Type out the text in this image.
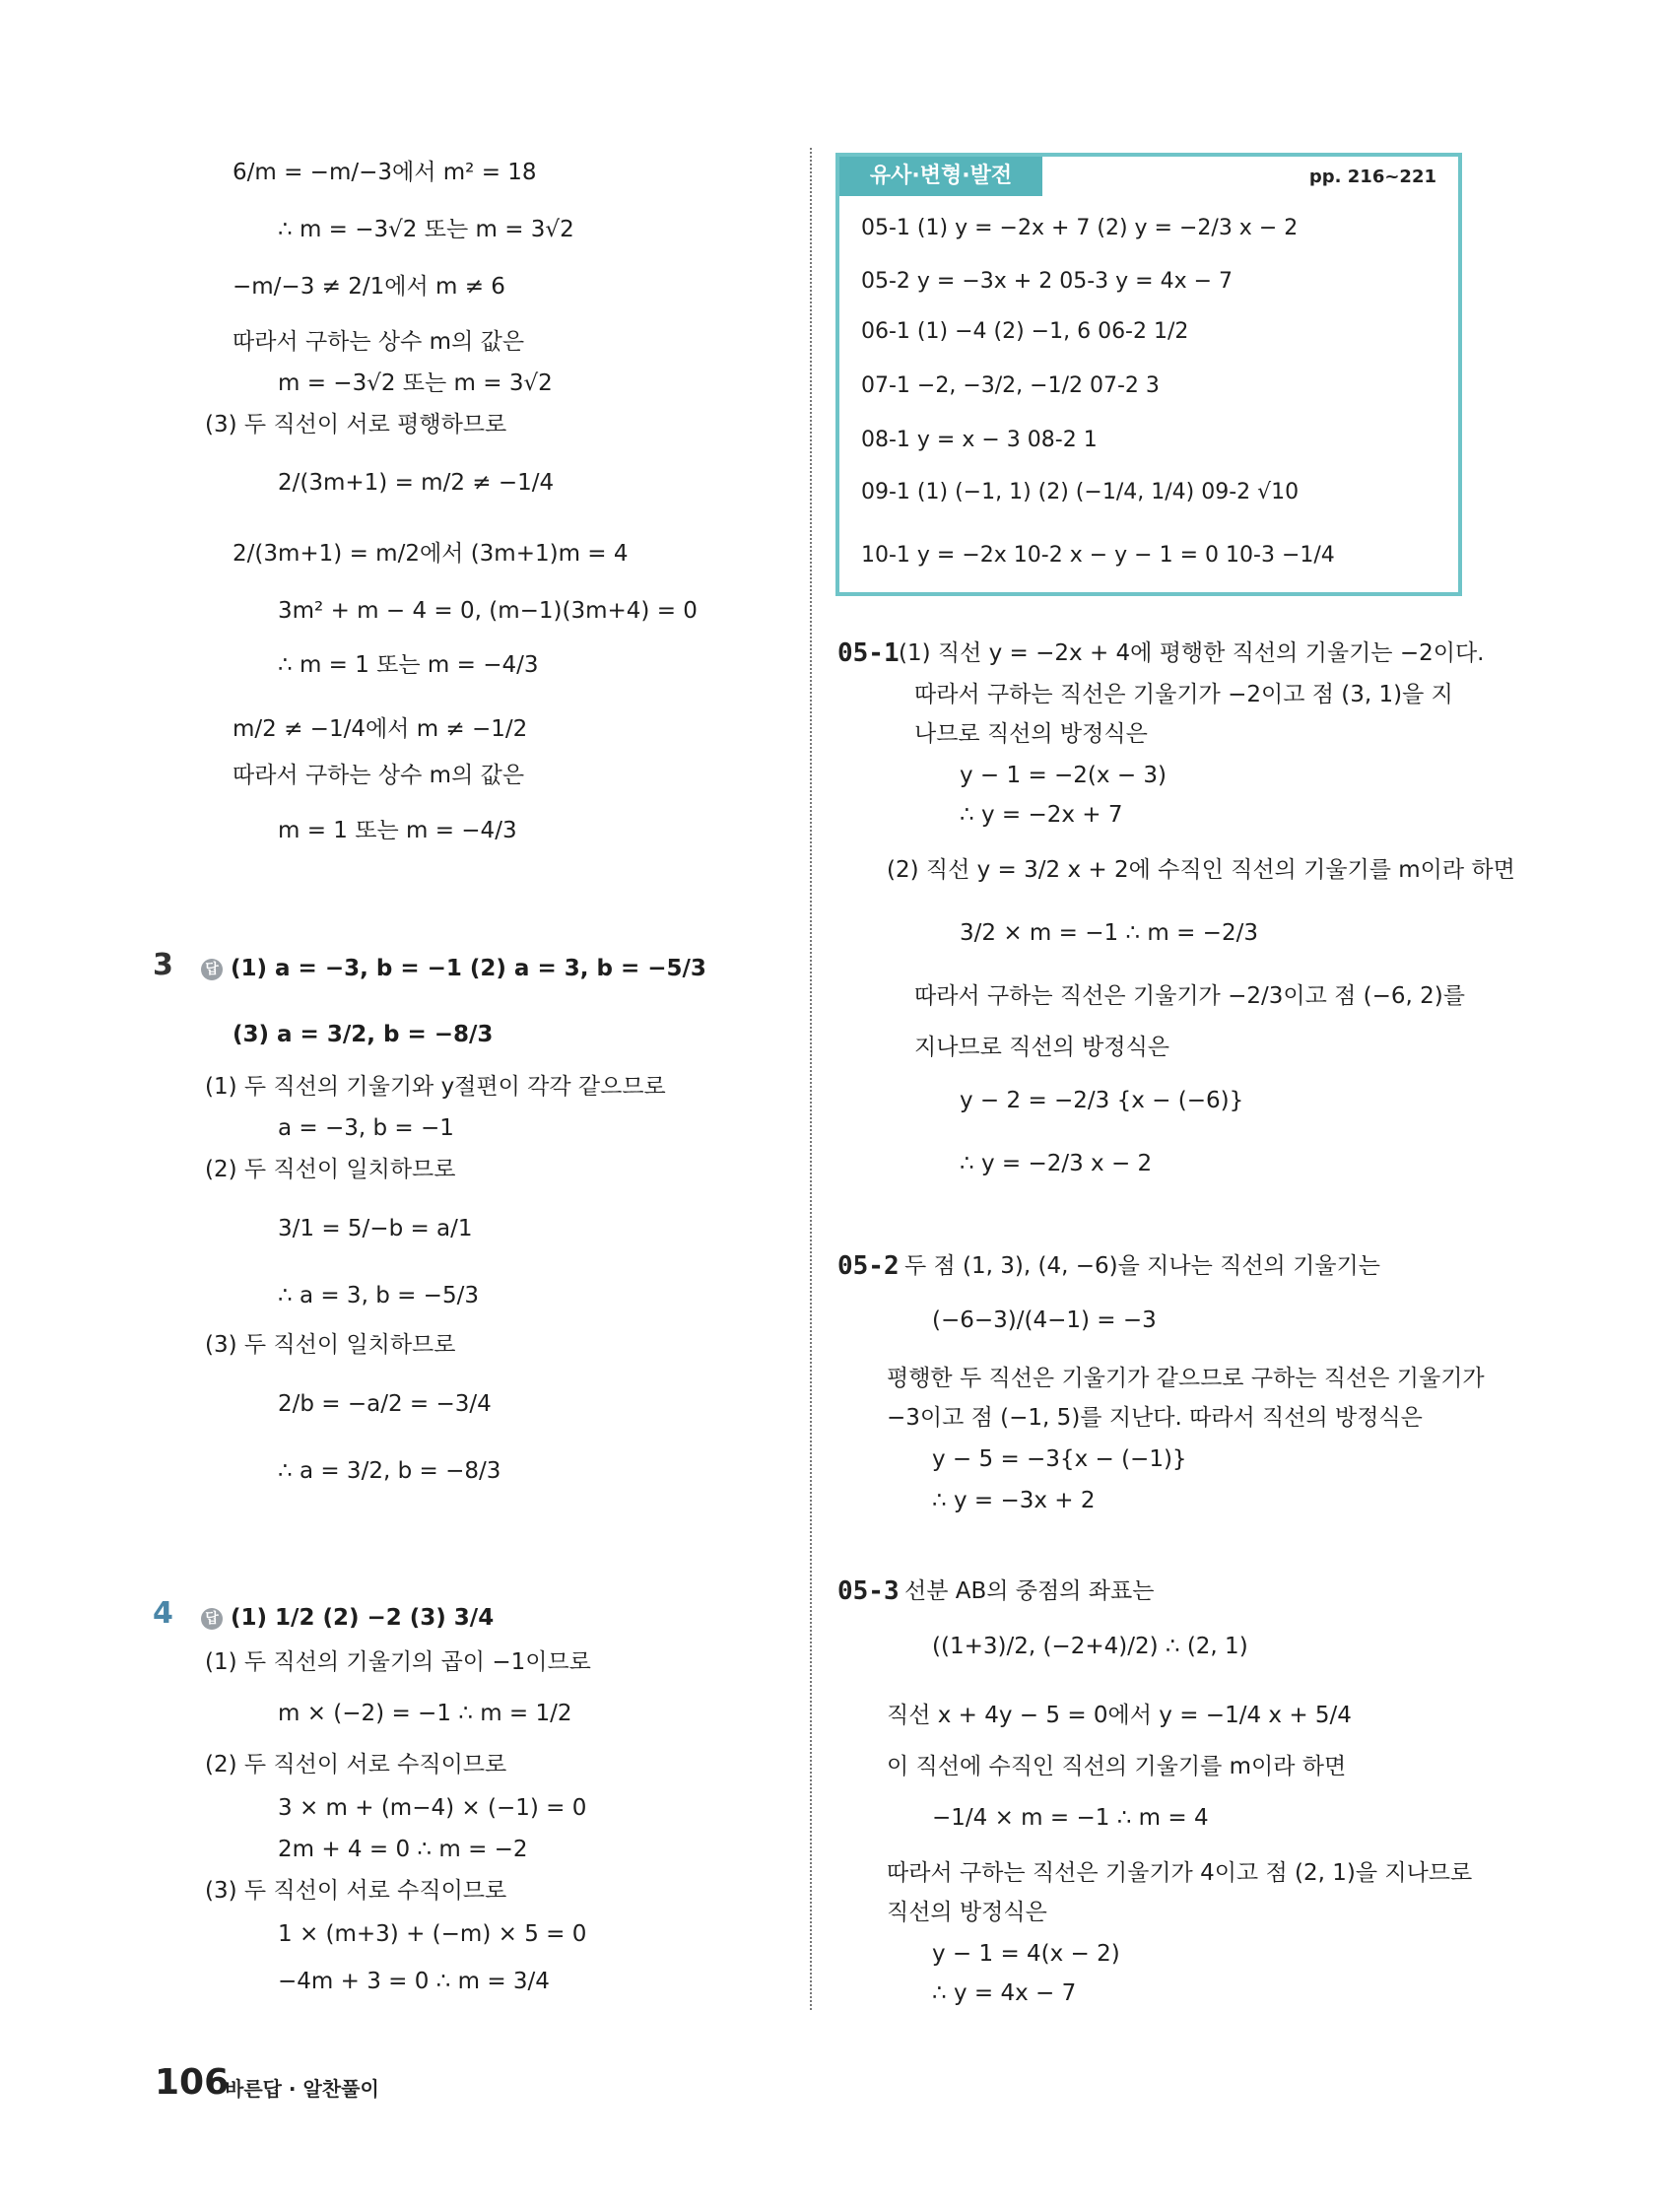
6/m = −m/−3에서 m² = 18
∴ m = −3√2 또는 m = 3√2
−m/−3 ≠ 2/1에서 m ≠ 6
따라서 구하는 상수 m의 값은
m = −3√2 또는 m = 3√2
(3) 두 직선이 서로 평행하므로
2/(3m+1) = m/2 ≠ −1/4
2/(3m+1) = m/2에서 (3m+1)m = 4
3m² + m − 4 = 0, (m−1)(3m+4) = 0
∴ m = 1 또는 m = −4/3
m/2 ≠ −1/4에서 m ≠ −1/2
따라서 구하는 상수 m의 값은
m = 1 또는 m = −4/3
3	답 (1) a = −3, b = −1 (2) a = 3, b = −5/3
(3) a = 3/2, b = −8/3
(1) 두 직선의 기울기와 y절편이 각각 같으므로
a = −3, b = −1
(2) 두 직선이 일치하므로
3/1 = 5/−b = a/1
∴ a = 3, b = −5/3
(3) 두 직선이 일치하므로
2/b = −a/2 = −3/4
∴ a = 3/2, b = −8/3
4	답 (1) 1/2 (2) −2 (3) 3/4
(1) 두 직선의 기울기의 곱이 −1이므로
m × (−2) = −1 ∴ m = 1/2
(2) 두 직선이 서로 수직이므로
3 × m + (m−4) × (−1) = 0
2m + 4 = 0 ∴ m = −2
(3) 두 직선이 서로 수직이므로
1 × (m+3) + (−m) × 5 = 0
−4m + 3 = 0 ∴ m = 3/4
유사·변형·발전	pp. 216~221
05-1 (1) y = −2x + 7 (2) y = −2/3 x − 2
05-2 y = −3x + 2 05-3 y = 4x − 7
06-1 (1) −4 (2) −1, 6 06-2 1/2
07-1 −2, −3/2, −1/2 07-2 3
08-1 y = x − 3 08-2 1
09-1 (1) (−1, 1) (2) (−1/4, 1/4) 09-2 √10
10-1 y = −2x 10-2 x − y − 1 = 0 10-3 −1/4
05-1 (1) 직선 y = −2x + 4에 평행한 직선의 기울기는 −2이다.
따라서 구하는 직선은 기울기가 −2이고 점 (3, 1)을 지
나므로 직선의 방정식은
y − 1 = −2(x − 3)
∴ y = −2x + 7
(2) 직선 y = 3/2 x + 2에 수직인 직선의 기울기를 m이라 하면
3/2 × m = −1 ∴ m = −2/3
따라서 구하는 직선은 기울기가 −2/3이고 점 (−6, 2)를
지나므로 직선의 방정식은
y − 2 = −2/3 {x − (−6)}
∴ y = −2/3 x − 2
05-2 두 점 (1, 3), (4, −6)을 지나는 직선의 기울기는
(−6−3)/(4−1) = −3
평행한 두 직선은 기울기가 같으므로 구하는 직선은 기울기가
−3이고 점 (−1, 5)를 지난다. 따라서 직선의 방정식은
y − 5 = −3{x − (−1)}
∴ y = −3x + 2
05-3 선분 AB의 중점의 좌표는
((1+3)/2, (−2+4)/2) ∴ (2, 1)
직선 x + 4y − 5 = 0에서 y = −1/4 x + 5/4
이 직선에 수직인 직선의 기울기를 m이라 하면
−1/4 × m = −1 ∴ m = 4
따라서 구하는 직선은 기울기가 4이고 점 (2, 1)을 지나므로
직선의 방정식은
y − 1 = 4(x − 2)
∴ y = 4x − 7
106
바른답 · 알찬풀이
